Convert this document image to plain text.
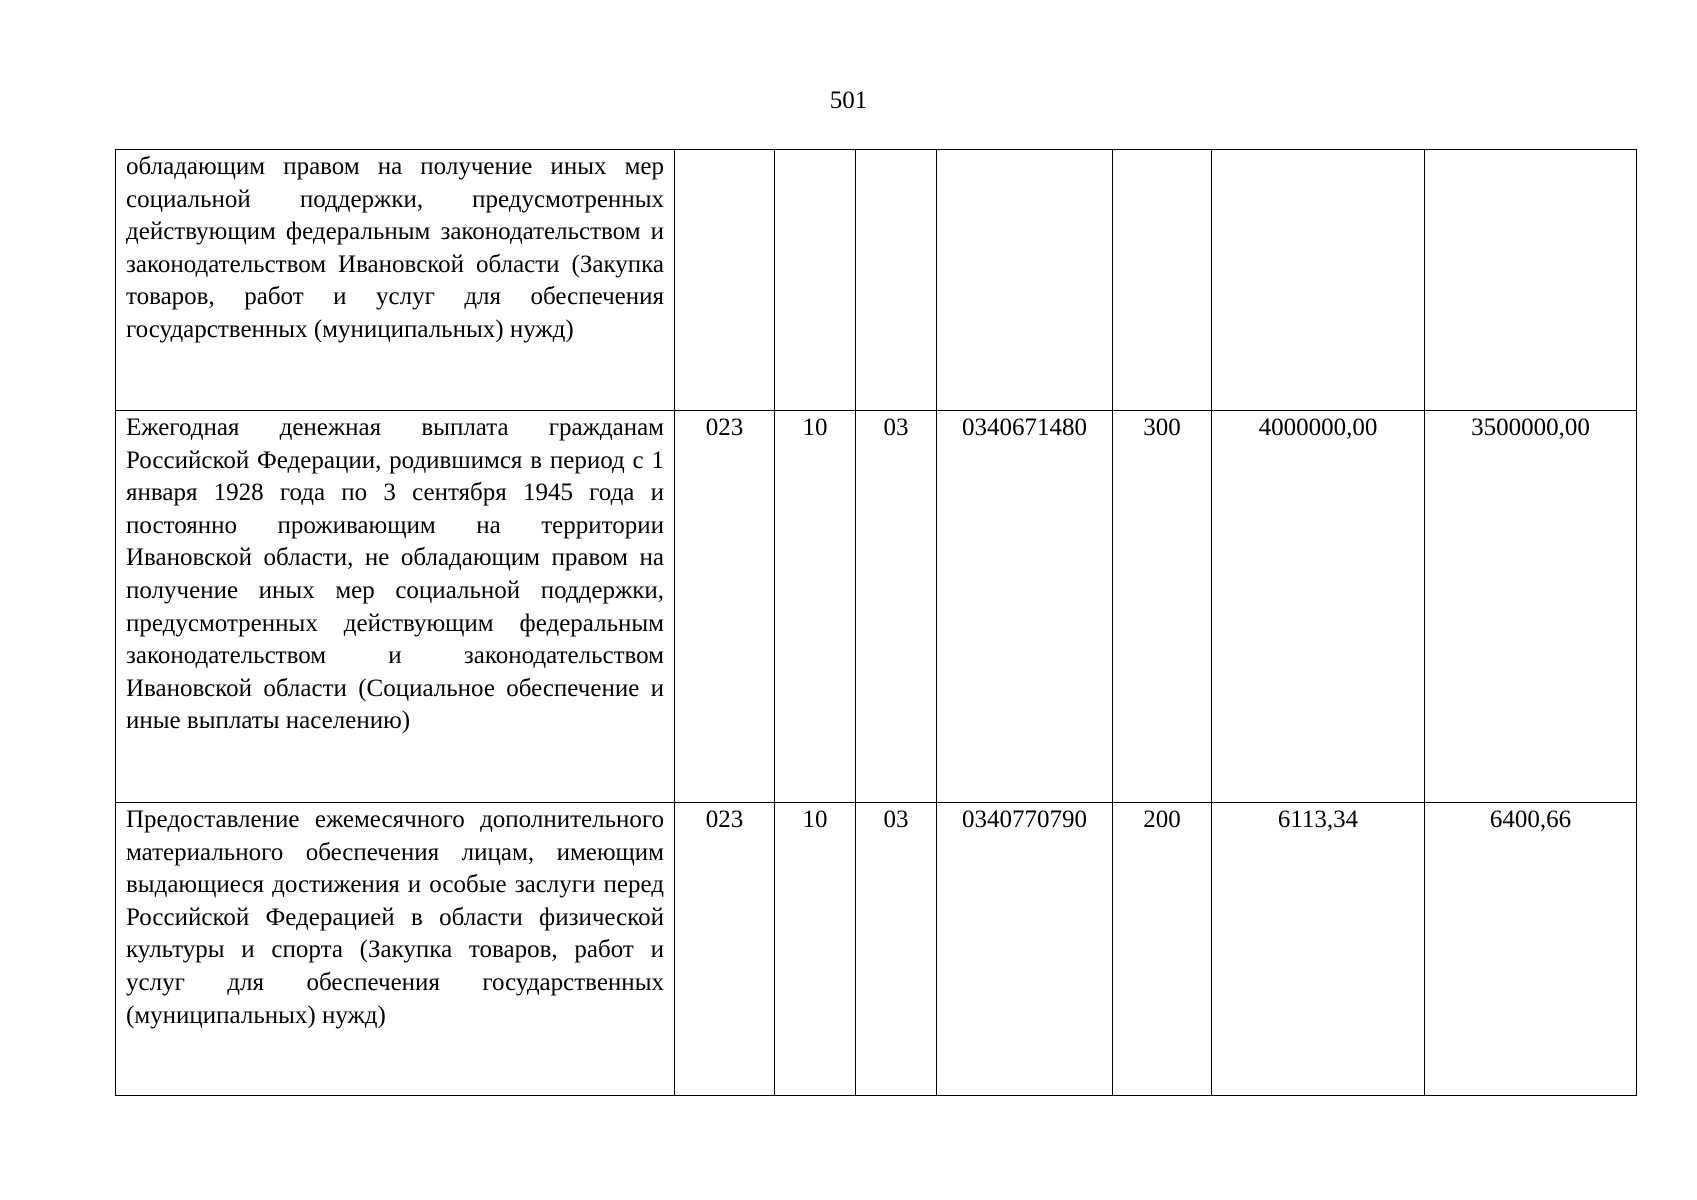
501
обладающим правом на получение иных мер социальной поддержки, предусмотренных действующим федеральным законодательством и законодательством Ивановской области (Закупка товаров, работ и услуг для обеспечения государственных (муниципальных) нужд)							
Ежегодная денежная выплата гражданам Российской Федерации, родившимся в период с 1 января 1928 года по 3 сентября 1945 года и постоянно проживающим на территории Ивановской области, не обладающим правом на получение иных мер социальной поддержки, предусмотренных действующим федеральным законодательством и законодательством Ивановской области (Социальное обеспечение и иные выплаты населению)	023	10	03	0340671480	300	4000000,00	3500000,00
Предоставление ежемесячного дополнительного материального обеспечения лицам, имеющим выдающиеся достижения и особые заслуги перед Российской Федерацией в области физической культуры и спорта (Закупка товаров, работ и услуг для обеспечения государственных (муниципальных) нужд)	023	10	03	0340770790	200	6113,34	6400,66
